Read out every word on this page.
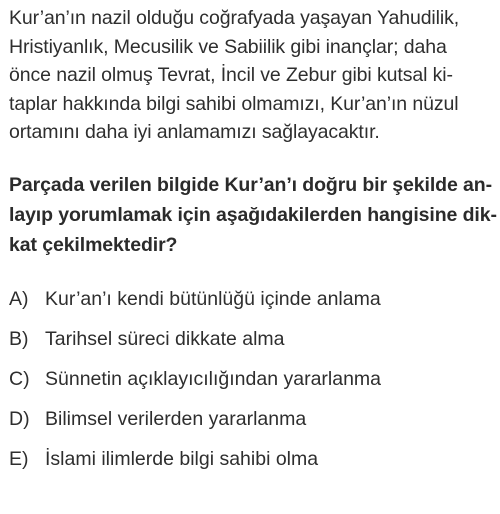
Kur’an’ın nazil olduğu coğrafyada yaşayan Yahudilik,
Hristiyanlık, Mecusilik ve Sabiilik gibi inançlar; daha
önce nazil olmuş Tevrat, İncil ve Zebur gibi kutsal ki-
taplar hakkında bilgi sahibi olmamızı, Kur’an’ın nüzul
ortamını daha iyi anlamamızı sağlayacaktır.
Parçada verilen bilgide Kur’an’ı doğru bir şekilde an-
layıp yorumlamak için aşağıdakilerden hangisine dik-
kat çekilmektedir?
A) Kur’an’ı kendi bütünlüğü içinde anlama
B) Tarihsel süreci dikkate alma
C) Sünnetin açıklayıcılığından yararlanma
D) Bilimsel verilerden yararlanma
E) İslami ilimlerde bilgi sahibi olma
